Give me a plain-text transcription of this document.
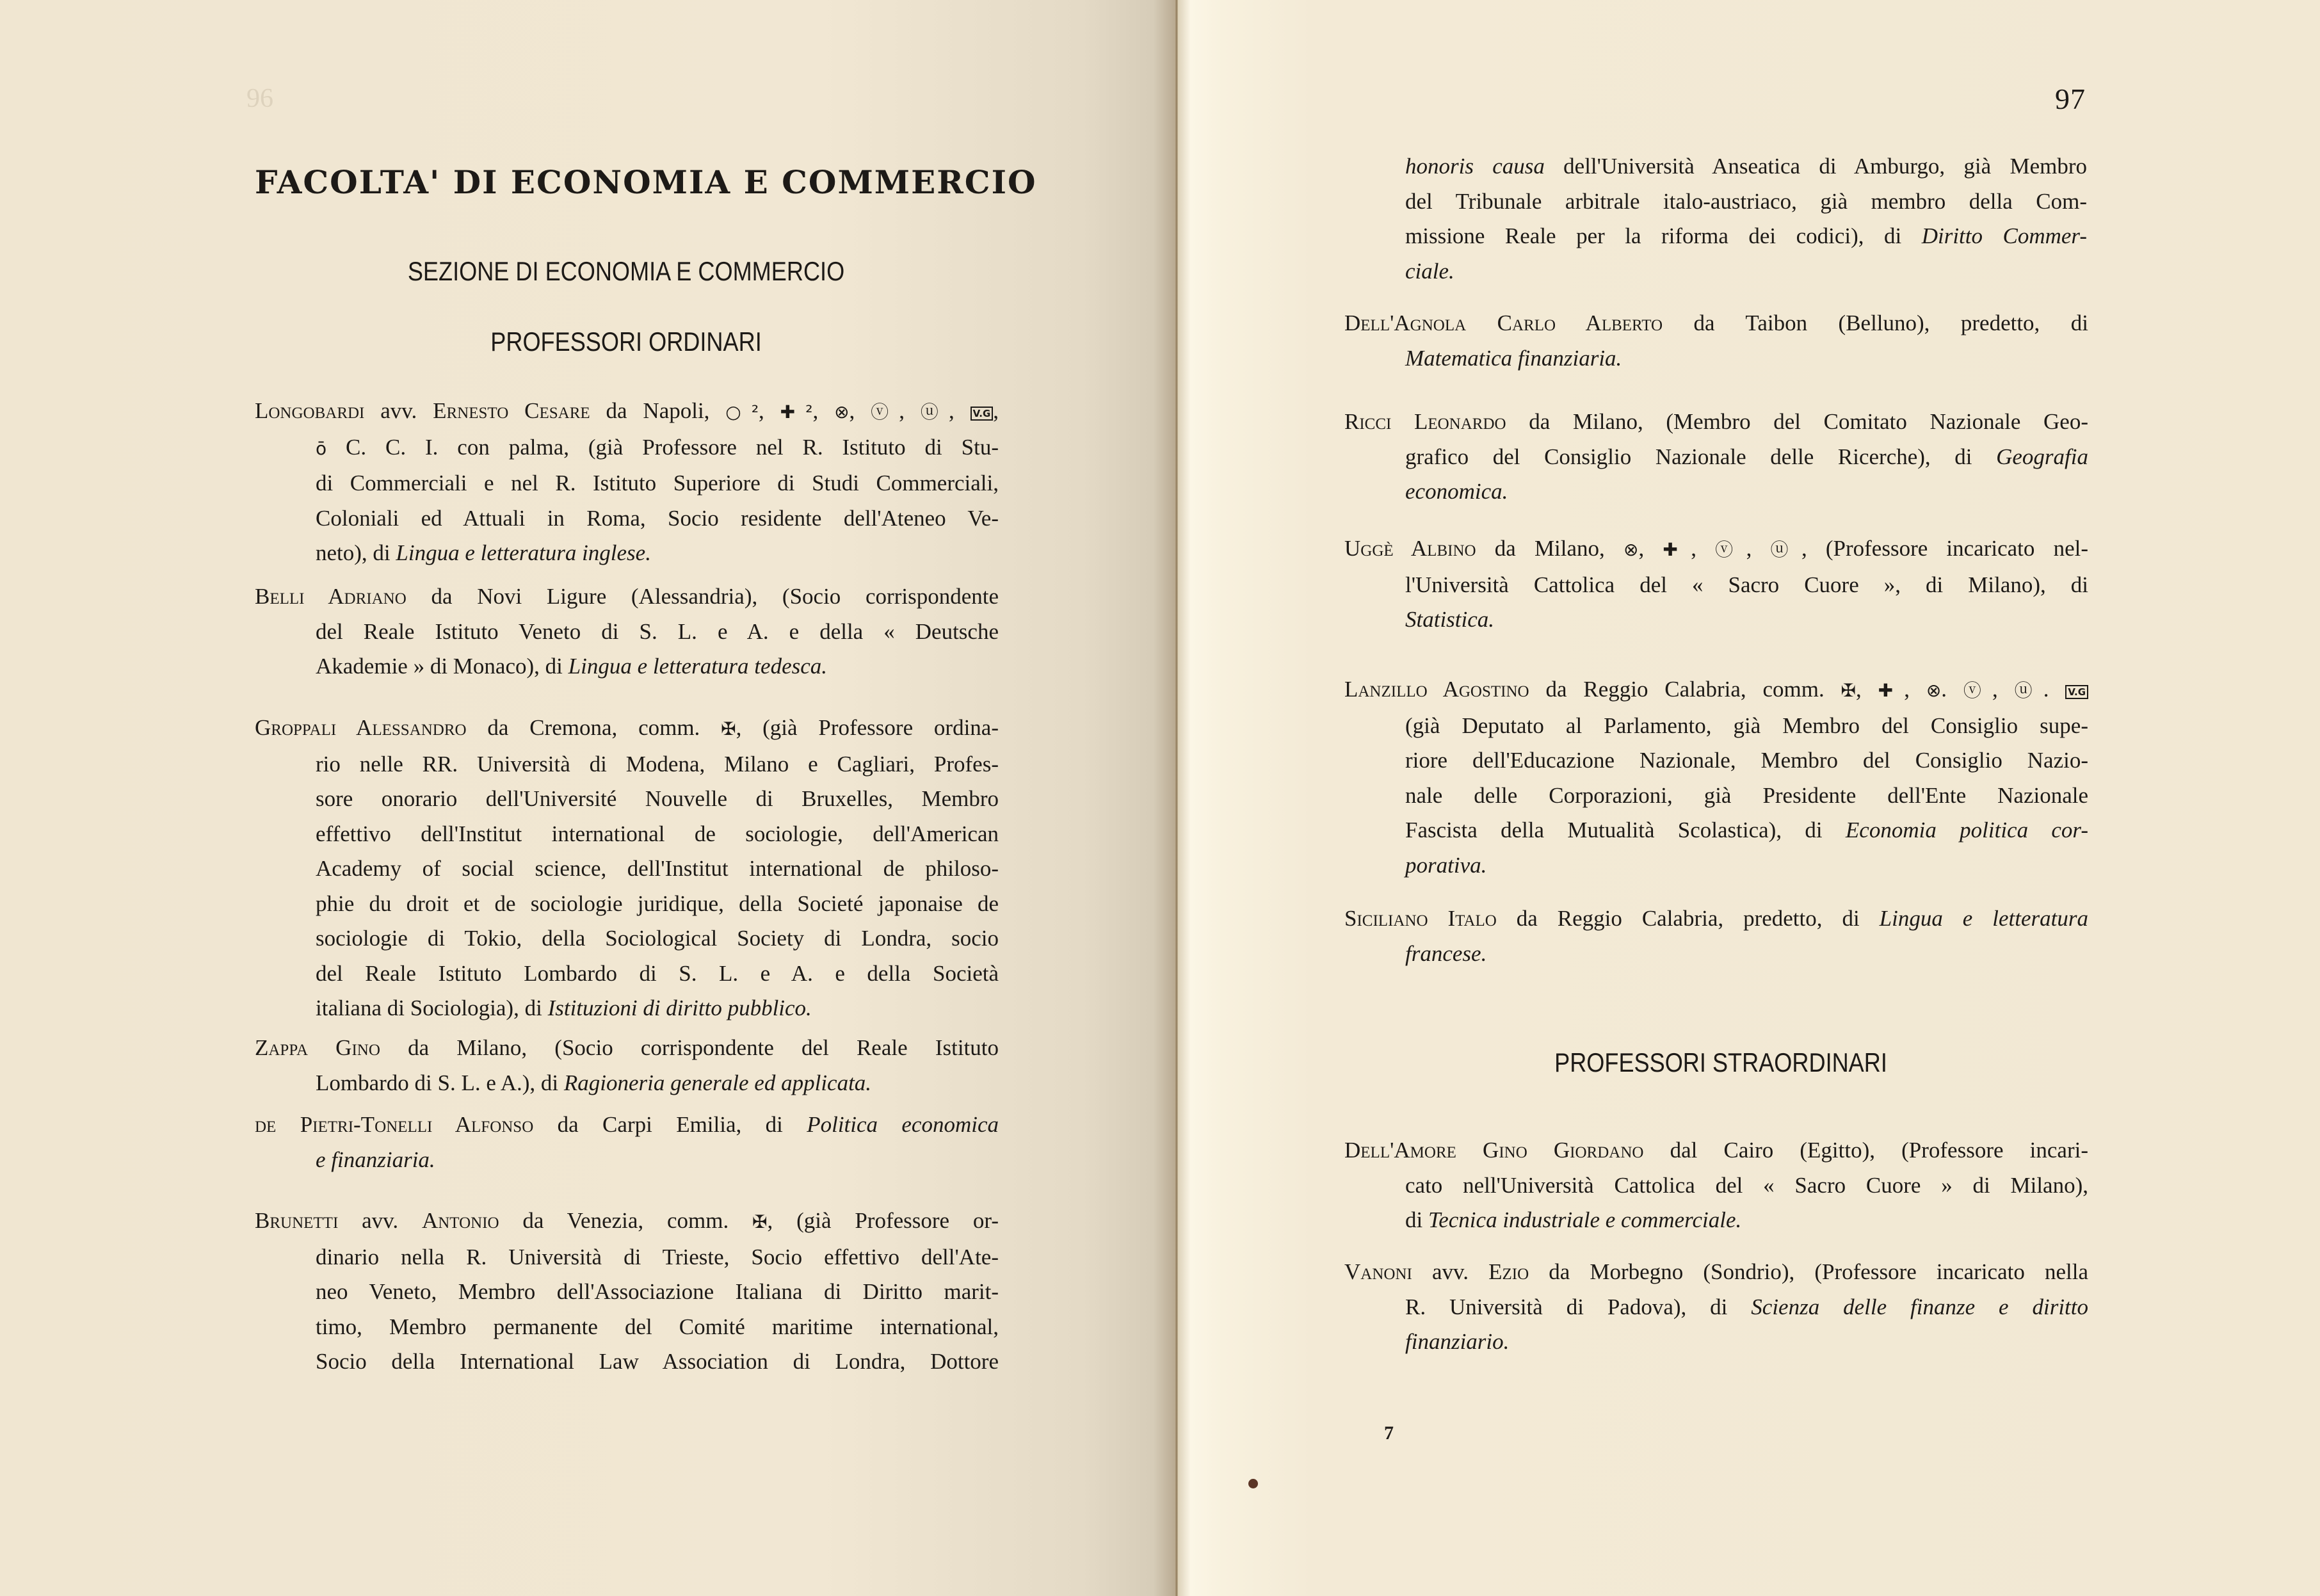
96
FACOLTA' DI ECONOMIA E COMMERCIO
SEZIONE DI ECONOMIA E COMMERCIO
PROFESSORI ORDINARI
Longobardi avv. Ernesto Cesare da Napoli, ○², ✚², ⊗, ⓥ, ⓤ, V.G ,
ō C. C. I. con palma, (già Professore nel R. Istituto di Stu-
di Commerciali e nel R. Istituto Superiore di Studi Commerciali,
Coloniali ed Attuali in Roma, Socio residente dell'Ateneo Ve-
neto), di Lingua e letteratura inglese.
Belli Adriano da Novi Ligure (Alessandria), (Socio corrispondente
del Reale Istituto Veneto di S. L. e A. e della « Deutsche
Akademie » di Monaco), di Lingua e letteratura tedesca.
Groppali Alessandro da Cremona, comm. ✠, (già Professore ordina-
rio nelle RR. Università di Modena, Milano e Cagliari, Profes-
sore onorario dell'Université Nouvelle di Bruxelles, Membro
effettivo dell'Institut international de sociologie, dell'American
Academy of social science, dell'Institut international de philoso-
phie du droit et de sociologie juridique, della Societé japonaise de
sociologie di Tokio, della Sociological Society di Londra, socio
del Reale Istituto Lombardo di S. L. e A. e della Società
italiana di Sociologia), di Istituzioni di diritto pubblico.
Zappa Gino da Milano, (Socio corrispondente del Reale Istituto
Lombardo di S. L. e A.), di Ragioneria generale ed applicata.
de Pietri-Tonelli Alfonso da Carpi Emilia, di Politica economica
e finanziaria.
Brunetti avv. Antonio da Venezia, comm. ✠, (già Professore or-
dinario nella R. Università di Trieste, Socio effettivo dell'Ate-
neo Veneto, Membro dell'Associazione Italiana di Diritto marit-
timo, Membro permanente del Comité maritime international,
Socio della International Law Association di Londra, Dottore
97
honoris causa dell'Università Anseatica di Amburgo, già Membro
del Tribunale arbitrale italo-austriaco, già membro della Com-
missione Reale per la riforma dei codici), di Diritto Commer-
ciale.
Dell'Agnola Carlo Alberto da Taibon (Belluno), predetto, di
Matematica finanziaria.
Ricci Leonardo da Milano, (Membro del Comitato Nazionale Geo-
grafico del Consiglio Nazionale delle Ricerche), di Geografia
economica.
Uggè Albino da Milano, ⊗, ✚, ⓥ, ⓤ, (Professore incaricato nel-
l'Università Cattolica del « Sacro Cuore », di Milano), di
Statistica.
Lanzillo Agostino da Reggio Calabria, comm. ✠, ✚, ⊗. ⓥ, ⓤ. V.G
(già Deputato al Parlamento, già Membro del Consiglio supe-
riore dell'Educazione Nazionale, Membro del Consiglio Nazio-
nale delle Corporazioni, già Presidente dell'Ente Nazionale
Fascista della Mutualità Scolastica), di Economia politica cor-
porativa.
Siciliano Italo da Reggio Calabria, predetto, di Lingua e letteratura
francese.
Dell'Amore Gino Giordano dal Cairo (Egitto), (Professore incari-
cato nell'Università Cattolica del « Sacro Cuore » di Milano),
di Tecnica industriale e commerciale.
Vanoni avv. Ezio da Morbegno (Sondrio), (Professore incaricato nella
R. Università di Padova), di Scienza delle finanze e diritto
finanziario.
PROFESSORI STRAORDINARI
7
